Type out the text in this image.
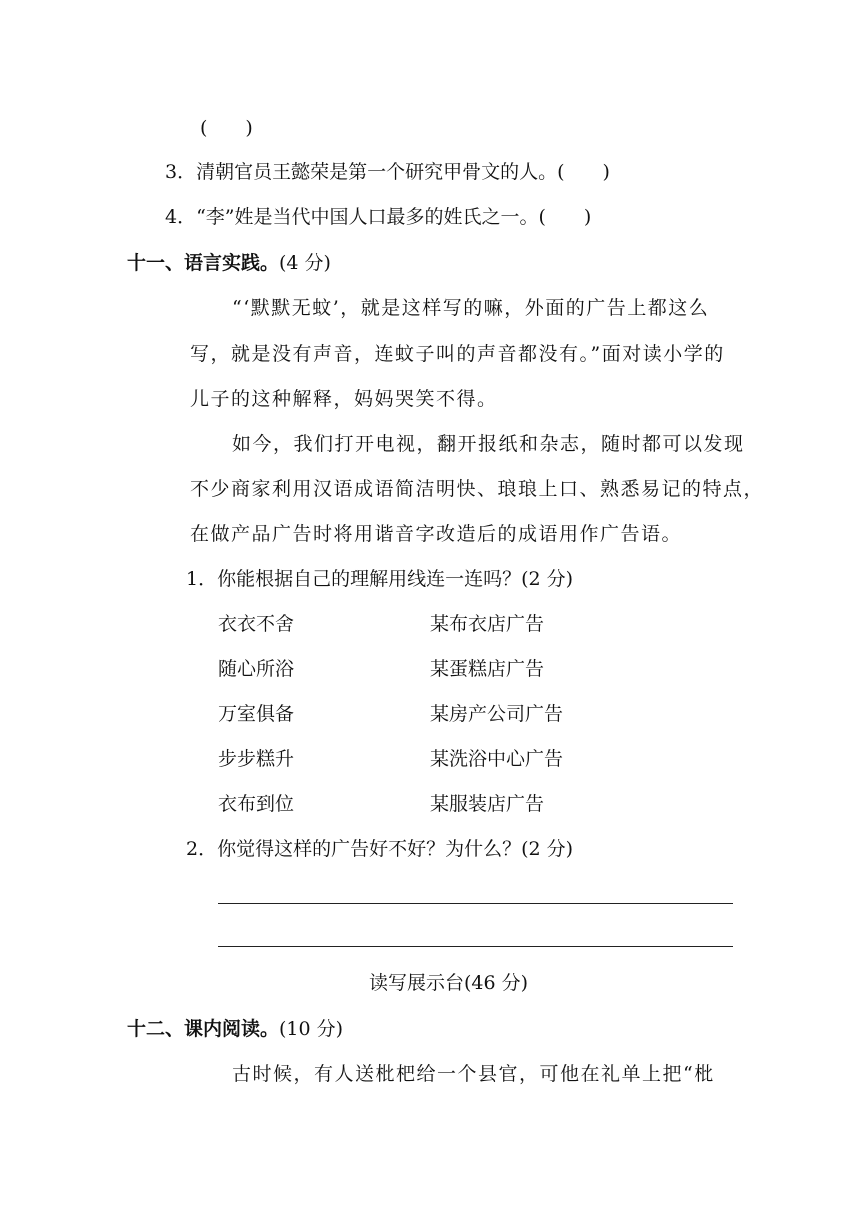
(　　)
3．清朝官员王懿荣是第一个研究甲骨文的人。(　　)
4．“李”姓是当代中国人口最多的姓氏之一。(　　)
十一、语言实践。(4 分)
“‘默默无蚊’，就是这样写的嘛，外面的广告上都这么
写，就是没有声音，连蚊子叫的声音都没有。”面对读小学的
儿子的这种解释，妈妈哭笑不得。
如今，我们打开电视，翻开报纸和杂志，随时都可以发现
不少商家利用汉语成语简洁明快、琅琅上口、熟悉易记的特点，
在做产品广告时将用谐音字改造后的成语用作广告语。
1．你能根据自己的理解用线连一连吗？(2 分)
衣衣不舍	某布衣店广告
随心所浴	某蛋糕店广告
万室俱备	某房产公司广告
步步糕升	某洗浴中心广告
衣布到位	某服装店广告
2．你觉得这样的广告好不好？为什么？(2 分)
读写展示台(46 分)
十二、课内阅读。(10 分)
古时候，有人送枇杷给一个县官，可他在礼单上把“枇
